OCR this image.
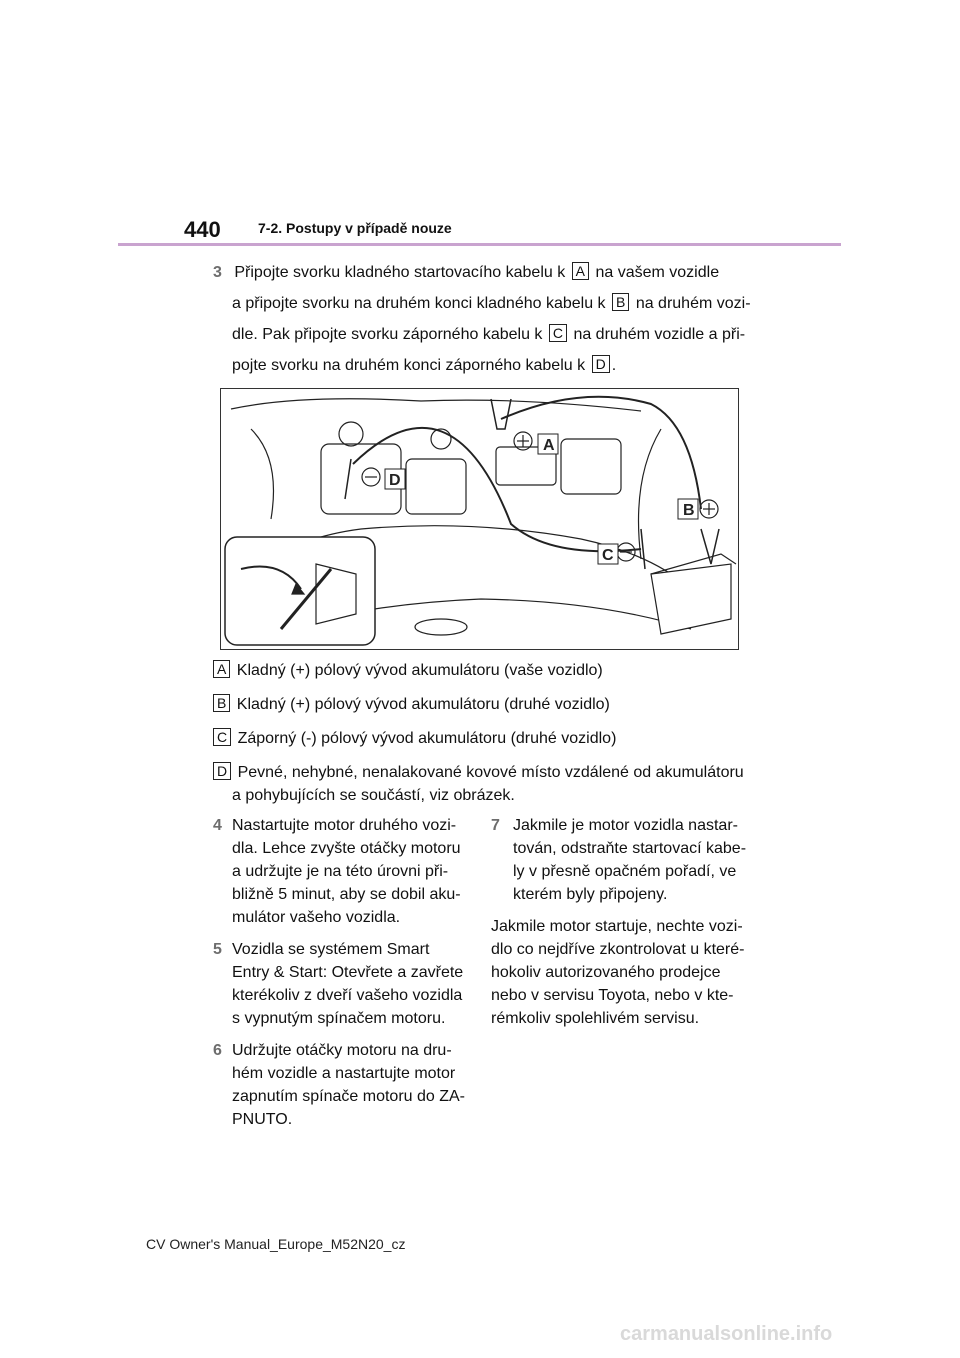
440	7-2. Postupy v případě nouze
3 Připojte svorku kladného startovacího kabelu k A na vašem vozidle
a připojte svorku na druhém konci kladného kabelu k B na druhém vozi-
dle. Pak připojte svorku záporného kabelu k C na druhém vozidle a při-
pojte svorku na druhém konci záporného kabelu k D .
A
D
B
C
A Kladný (+) pólový vývod akumulátoru (vaše vozidlo)
B Kladný (+) pólový vývod akumulátoru (druhé vozidlo)
C Záporný (-) pólový vývod akumulátoru (druhé vozidlo)
D Pevné, nehybné, nenalakované kovové místo vzdálené od akumulátoru
a pohybujících se součástí, viz obrázek.
4 Nastartujte motor druhého vozi-
dla. Lehce zvyšte otáčky motoru
a udržujte je na této úrovni při-
bližně 5 minut, aby se dobil aku-
mulátor vašeho vozidla.
5 Vozidla se systémem Smart
Entry & Start: Otevřete a zavřete
kterékoliv z dveří vašeho vozidla
s vypnutým spínačem motoru.
6 Udržujte otáčky motoru na dru-
hém vozidle a nastartujte motor
zapnutím spínače motoru do ZA-
PNUTO.
7 Jakmile je motor vozidla nastar-
tován, odstraňte startovací kabe-
ly v přesně opačném pořadí, ve
kterém byly připojeny.
Jakmile motor startuje, nechte vozi-
dlo co nejdříve zkontrolovat u které-
hokoliv autorizovaného prodejce
nebo v servisu Toyota, nebo v kte-
rémkoliv spolehlivém servisu.
CV Owner's Manual_Europe_M52N20_cz
carmanualsonline.info
